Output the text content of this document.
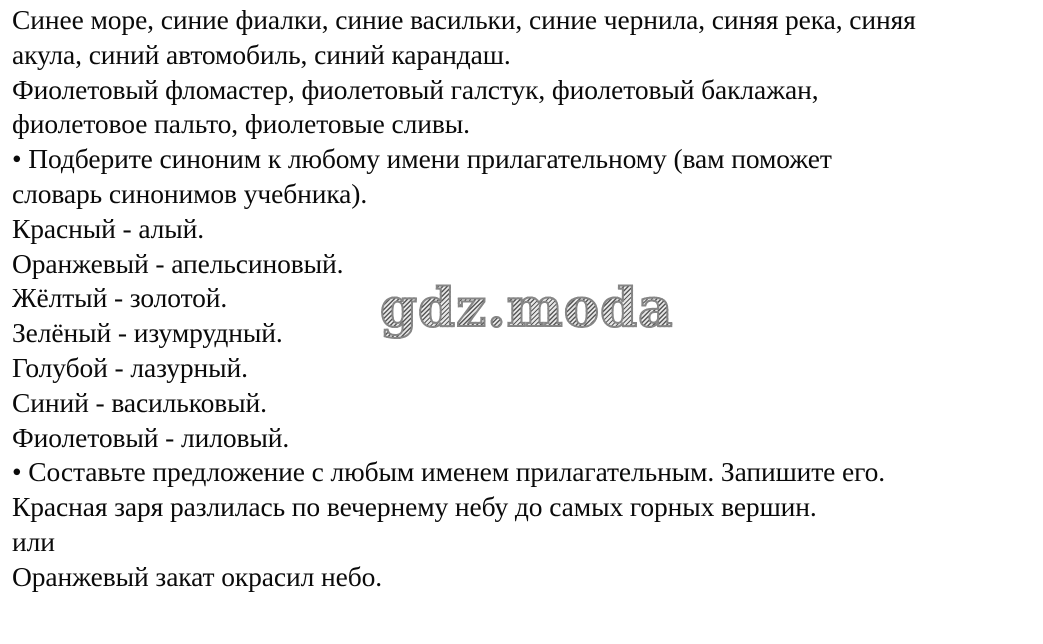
Синее море, синие фиалки, синие васильки, синие чернила, синяя река, синяя
акула, синий автомобиль, синий карандаш.
Фиолетовый фломастер, фиолетовый галстук, фиолетовый баклажан,
фиолетовое пальто, фиолетовые сливы.
• Подберите синоним к любому имени прилагательному (вам поможет
словарь синонимов учебника).
Красный - алый.
Оранжевый - апельсиновый.
Жёлтый - золотой.
Зелёный - изумрудный.
Голубой - лазурный.
Синий - васильковый.
Фиолетовый - лиловый.
• Составьте предложение с любым именем прилагательным. Запишите его.
Красная заря разлилась по вечернему небу до самых горных вершин.
или
Оранжевый закат окрасил небо.
gdz.moda
